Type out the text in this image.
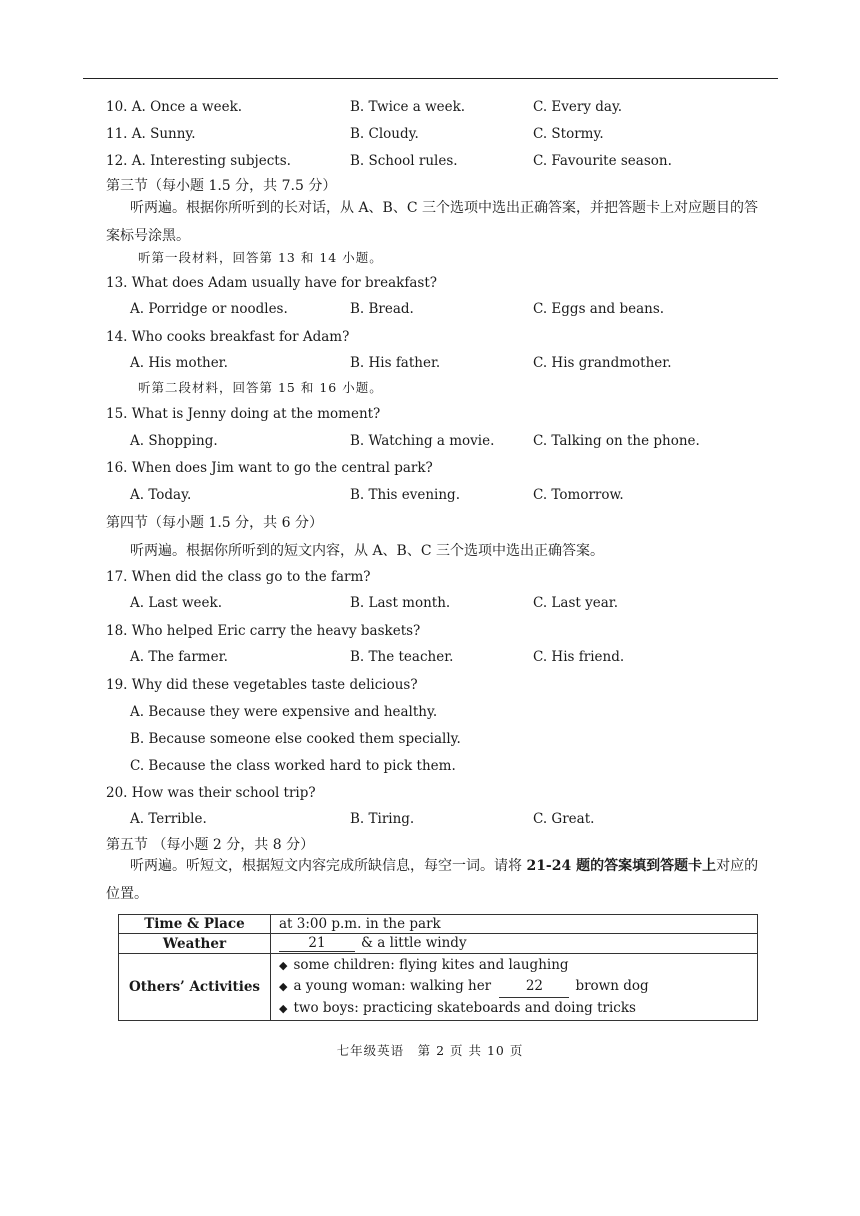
10. A. Once a week.	B. Twice a week.	C. Every day.
11. A. Sunny.	B. Cloudy.	C. Stormy.
12. A. Interesting subjects.	B. School rules.	C. Favourite season.
第三节（每小题 1.5 分，共 7.5 分）
听两遍。根据你所听到的长对话，从 A、B、C 三个选项中选出正确答案，并把答题卡上对应题目的答案标号涂黑。
听第一段材料，回答第 13 和 14 小题。
13. What does Adam usually have for breakfast?
A. Porridge or noodles.	B. Bread.	C. Eggs and beans.
14. Who cooks breakfast for Adam?
A. His mother.	B. His father.	C. His grandmother.
听第二段材料，回答第 15 和 16 小题。
15. What is Jenny doing at the moment?
A. Shopping.	B. Watching a movie.	C. Talking on the phone.
16. When does Jim want to go the central park?
A. Today.	B. This evening.	C. Tomorrow.
第四节（每小题 1.5 分，共 6 分）
听两遍。根据你所听到的短文内容，从 A、B、C 三个选项中选出正确答案。
17. When did the class go to the farm?
A. Last week.	B. Last month.	C. Last year.
18. Who helped Eric carry the heavy baskets?
A. The farmer.	B. The teacher.	C. His friend.
19. Why did these vegetables taste delicious?
A. Because they were expensive and healthy.
B. Because someone else cooked them specially.
C. Because the class worked hard to pick them.
20. How was their school trip?
A. Terrible.	B. Tiring.	C. Great.
第五节 （每小题 2 分，共 8 分）
听两遍。听短文，根据短文内容完成所缺信息，每空一词。请将 21-24 题的答案填到答题卡上对应的位置。
Time & Place	at 3:00 p.m. in the park
Weather	21 & a little windy
Others’ Activities	◆ some children: flying kites and laughing
◆ a young woman: walking her 22 brown dog
◆ two boys: practicing skateboards and doing tricks
七年级英语　第 2 页 共 10 页
